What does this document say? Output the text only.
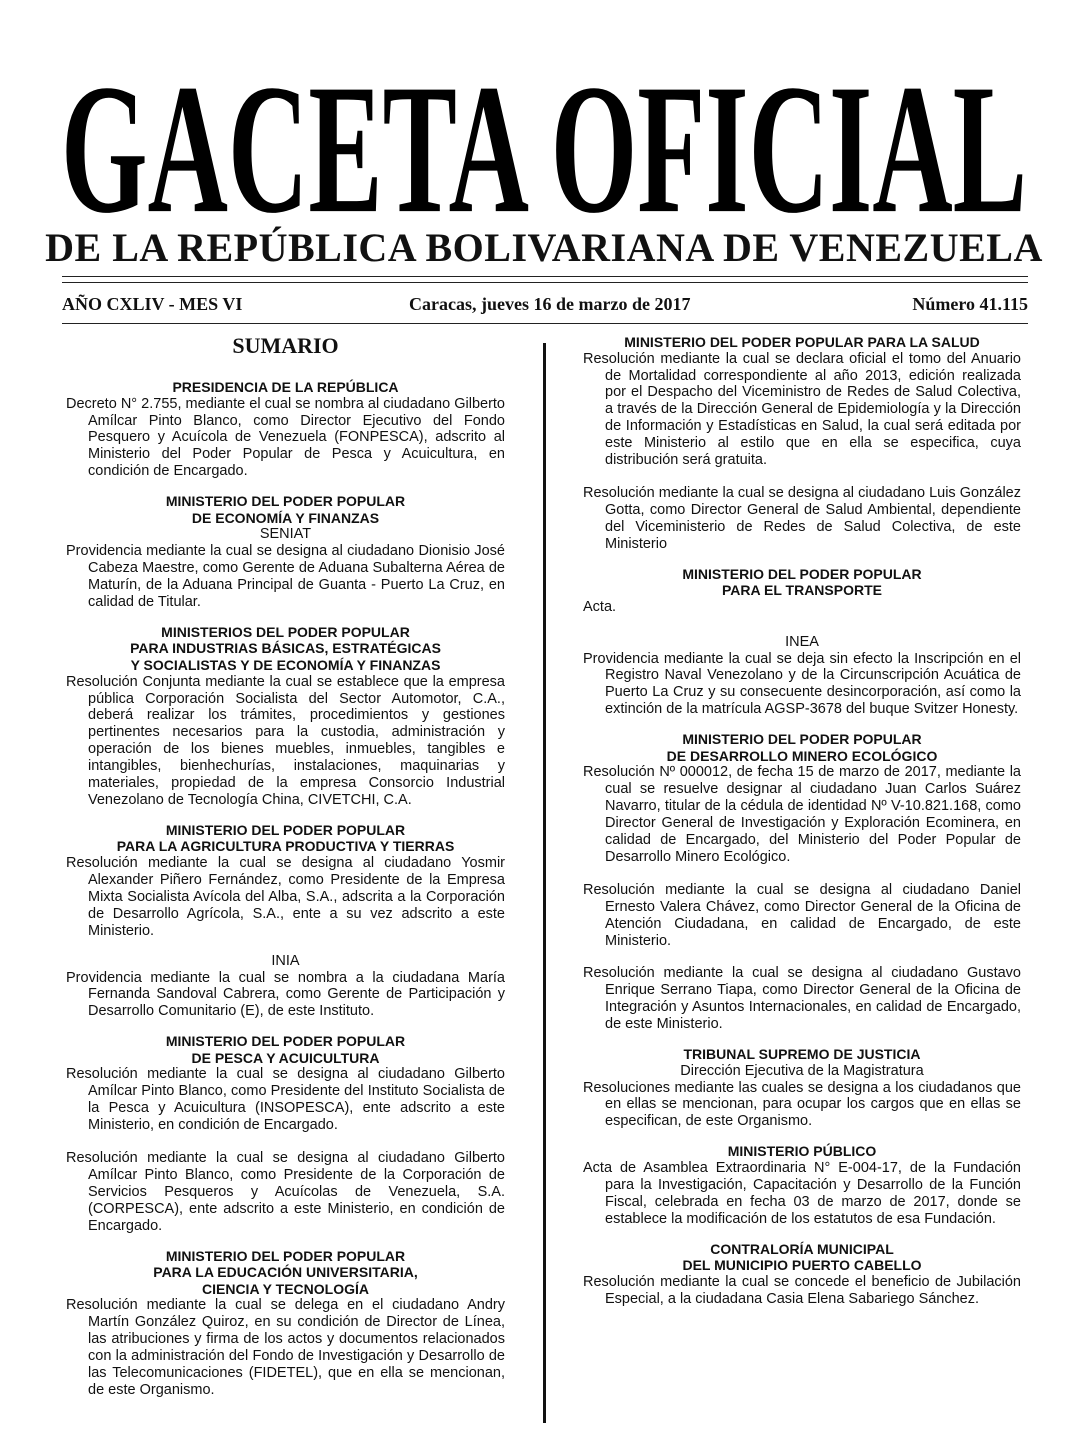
GACETA OFICIAL
DE LA REPÚBLICA BOLIVARIANA DE VENEZUELA
AÑO CXLIV - MES VI	Caracas, jueves 16 de marzo de 2017	Número 41.115
SUMARIO
PRESIDENCIA DE LA REPÚBLICA
Decreto N° 2.755, mediante el cual se nombra al ciudadano Gilberto Amílcar Pinto Blanco, como Director Ejecutivo del Fondo Pesquero y Acuícola de Venezuela (FONPESCA), adscrito al Ministerio del Poder Popular de Pesca y Acuicultura, en condición de Encargado.
MINISTERIO DEL PODER POPULAR
DE ECONOMÍA Y FINANZAS
SENIAT
Providencia mediante la cual se designa al ciudadano Dionisio José Cabeza Maestre, como Gerente de Aduana Subalterna Aérea de Maturín, de la Aduana Principal de Guanta - Puerto La Cruz, en calidad de Titular.
MINISTERIOS DEL PODER POPULAR
PARA INDUSTRIAS BÁSICAS, ESTRATÉGICAS
Y SOCIALISTAS Y DE ECONOMÍA Y FINANZAS
Resolución Conjunta mediante la cual se establece que la empresa pública Corporación Socialista del Sector Automotor, C.A., deberá realizar los trámites, procedimientos y gestiones pertinentes necesarios para la custodia, administración y operación de los bienes muebles, inmuebles, tangibles e intangibles, bienhechurías, instalaciones, maquinarias y materiales, propiedad de la empresa Consorcio Industrial Venezolano de Tecnología China, CIVETCHI, C.A.
MINISTERIO DEL PODER POPULAR
PARA LA AGRICULTURA PRODUCTIVA Y TIERRAS
Resolución mediante la cual se designa al ciudadano Yosmir Alexander Piñero Fernández, como Presidente de la Empresa Mixta Socialista Avícola del Alba, S.A., adscrita a la Corporación de Desarrollo Agrícola, S.A., ente a su vez adscrito a este Ministerio.
INIA
Providencia mediante la cual se nombra a la ciudadana María Fernanda Sandoval Cabrera, como Gerente de Participación y Desarrollo Comunitario (E), de este Instituto.
MINISTERIO DEL PODER POPULAR
DE PESCA Y ACUICULTURA
Resolución mediante la cual se designa al ciudadano Gilberto Amílcar Pinto Blanco, como Presidente del Instituto Socialista de la Pesca y Acuicultura (INSOPESCA), ente adscrito a este Ministerio, en condición de Encargado.
Resolución mediante la cual se designa al ciudadano Gilberto Amílcar Pinto Blanco, como Presidente de la Corporación de Servicios Pesqueros y Acuícolas de Venezuela, S.A. (CORPESCA), ente adscrito a este Ministerio, en condición de Encargado.
MINISTERIO DEL PODER POPULAR
PARA LA EDUCACIÓN UNIVERSITARIA,
CIENCIA Y TECNOLOGÍA
Resolución mediante la cual se delega en el ciudadano Andry Martín González Quiroz, en su condición de Director de Línea, las atribuciones y firma de los actos y documentos relacionados con la administración del Fondo de Investigación y Desarrollo de las Telecomunicaciones (FIDETEL), que en ella se mencionan, de este Organismo.
MINISTERIO DEL PODER POPULAR PARA LA SALUD
Resolución mediante la cual se declara oficial el tomo del Anuario de Mortalidad correspondiente al año 2013, edición realizada por el Despacho del Viceministro de Redes de Salud Colectiva, a través de la Dirección General de Epidemiología y la Dirección de Información y Estadísticas en Salud, la cual será editada por este Ministerio al estilo que en ella se especifica, cuya distribución será gratuita.
Resolución mediante la cual se designa al ciudadano Luis González Gotta, como Director General de Salud Ambiental, dependiente del Viceministerio de Redes de Salud Colectiva, de este Ministerio
MINISTERIO DEL PODER POPULAR
PARA EL TRANSPORTE
Acta.
INEA
Providencia mediante la cual se deja sin efecto la Inscripción en el Registro Naval Venezolano y de la Circunscripción Acuática de Puerto La Cruz y su consecuente desincorporación, así como la extinción de la matrícula AGSP-3678 del buque Svitzer Honesty.
MINISTERIO DEL PODER POPULAR
DE DESARROLLO MINERO ECOLÓGICO
Resolución Nº 000012, de fecha 15 de marzo de 2017, mediante la cual se resuelve designar al ciudadano Juan Carlos Suárez Navarro, titular de la cédula de identidad Nº V-10.821.168, como Director General de Investigación y Exploración Ecominera, en calidad de Encargado, del Ministerio del Poder Popular de Desarrollo Minero Ecológico.
Resolución mediante la cual se designa al ciudadano Daniel Ernesto Valera Chávez, como Director General de la Oficina de Atención Ciudadana, en calidad de Encargado, de este Ministerio.
Resolución mediante la cual se designa al ciudadano Gustavo Enrique Serrano Tiapa, como Director General de la Oficina de Integración y Asuntos Internacionales, en calidad de Encargado, de este Ministerio.
TRIBUNAL SUPREMO DE JUSTICIA
Dirección Ejecutiva de la Magistratura
Resoluciones mediante las cuales se designa a los ciudadanos que en ellas se mencionan, para ocupar los cargos que en ellas se especifican, de este Organismo.
MINISTERIO PÚBLICO
Acta de Asamblea Extraordinaria N° E-004-17, de la Fundación para la Investigación, Capacitación y Desarrollo de la Función Fiscal, celebrada en fecha 03 de marzo de 2017, donde se establece la modificación de los estatutos de esa Fundación.
CONTRALORÍA MUNICIPAL
DEL MUNICIPIO PUERTO CABELLO
Resolución mediante la cual se concede el beneficio de Jubilación Especial, a la ciudadana Casia Elena Sabariego Sánchez.
